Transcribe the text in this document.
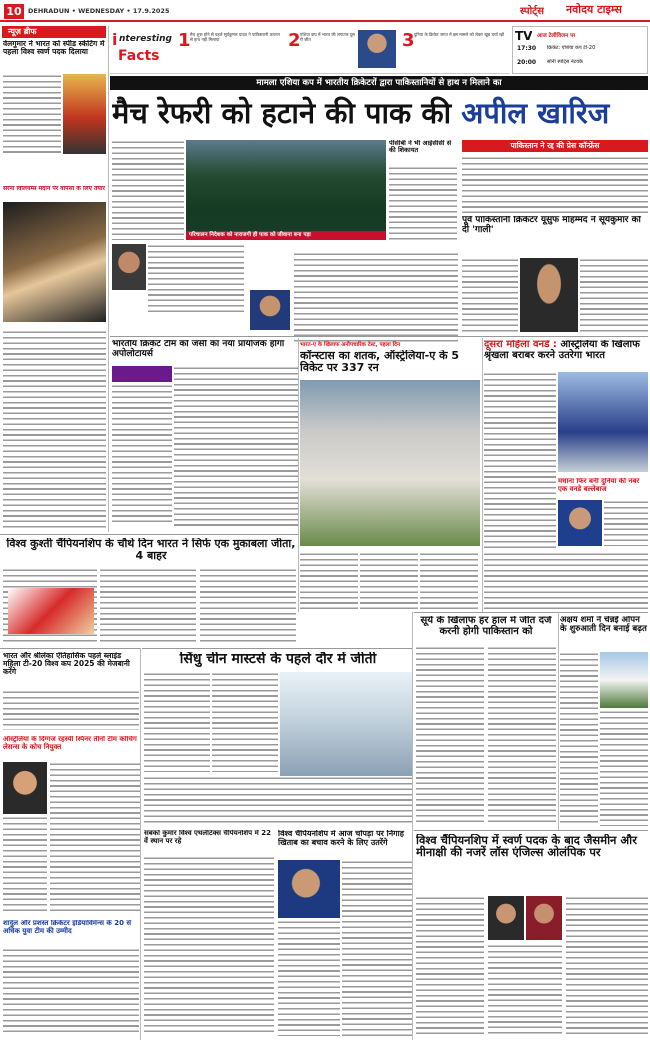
10 DEHRADUN • WEDNESDAY • 17.9.2025	स्पोर्ट्स नवोदय टाइम्स
न्यूज़ ब्रीफ
वेलगुमार ने भारत को स्पीड स्केटिंग में पहला विश्व स्वर्ण पदक दिलाया
सेरेना विलियम्स मैदान पर वापसी के लिए तैयार
i nteresting
Facts
1 मैच शुरू होने से पहले सूर्यकुमार यादव ने पाकिस्तानी कप्तान से हाथ नहीं मिलाया	2 एशिया कप में भारत की लगातार दूसरी जीत	3 दुनिया के क्रिकेट जगत में इस मामले को लेकर खूब चर्चा रही TV आज टेलीविजन पर
17:30 क्रिकेट: एशिया कप टी-20
20:00 सोनी स्पोर्ट्स नेटवर्क
मामला एशिया कप में भारतीय क्रिकेटरों द्वारा पाकिस्तानियों से हाथ न मिलाने का
मैच रेफरी को हटाने की पाक की अपील खारिज
परिचालन निदेशक को नाराजगी ही पाक को जीवाना बना पड़ा
पीसीबी ने भी आईसीसी से की शिकायत
पाकिस्तान ने रद्द की प्रेस कॉन्फ्रेंस
पूर्व पाकिस्तानी क्रिकेटर यूसुफ मोहम्मद ने सूर्यकुमार को दी 'गाली'
भारतीय क्रिकेट टीम को जर्सी का नया प्रायोजक होगा अपोलोटायर्स
भारत-ए के खिलाफ अनौपचारिक टेस्ट, पहला दिन
कॉन्स्टास का शतक, ऑस्ट्रेलिया-ए के 5 विकेट पर 337 रन
दूसरा महिला वनडे : ऑस्ट्रेलिया के खिलाफ श्रृंखला बराबर करने उतरेगा भारत
मंधाना फिर बनी दुनिया की नंबर एक वनडे बल्लेबाज
विश्व कुश्ती चैंपियनशिप के चौथे दिन भारत ने सिर्फ एक मुकाबला जीता, 4 बाहर
भारत और श्रीलंका ऐतिहासिक पहले ब्लाइंड महिला टी-20 विश्व कप 2025 की मेजबानी करेंगे
ऑस्ट्रेलिया के दिग्गज रहस्यी स्पिनर तीनों टीम कोचिंग लेसन्स के कोच नियुक्त
शार्दुल और प्रशस्त क्रिकेटर इंडियाविमेन्स के 20 से अधिक युवा टीम की उम्मीद
सिंधु चीन मास्टर्स के पहले दौर में जीती
सबको कुमार विश्व एथलेटिक्स चैंपियनशिप में 22 वें स्थान पर रहे
विश्व चैंपियनशिप में आज चोपड़ा पर निगाह खिताब का बचाव करने के लिए उतरेंगे
सूर्य के खिलाफ हर हाल में जीत दर्ज करनी होगी पाकिस्तान को
अक्षय शर्मा ने चेन्नई ओपन के शुरुआती दिन बनाई बढ़त
विश्व चैंपियनशिप में स्वर्ण पदक के बाद जैसमीन और मीनाक्षी की नजरें लॉस एंजिल्स ओलंपिक पर
